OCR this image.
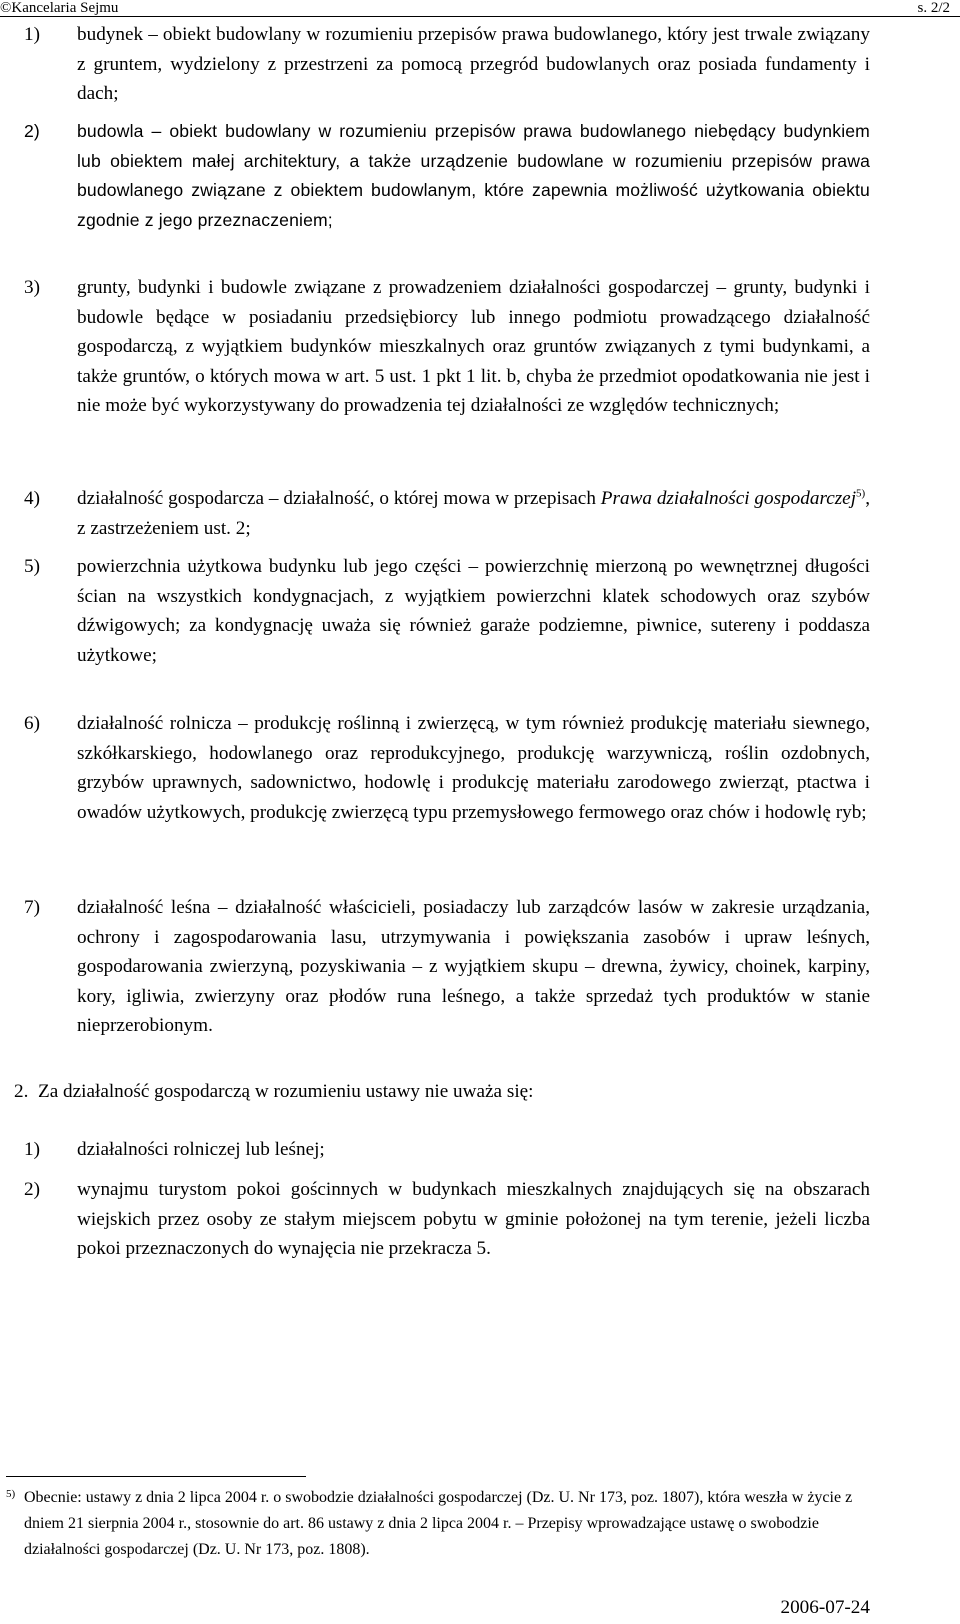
©Kancelaria Sejmu	s. 2/2
1) budynek – obiekt budowlany w rozumieniu przepisów prawa budowlanego, który jest trwale związany z gruntem, wydzielony z przestrzeni za pomocą przegród budowlanych oraz posiada fundamenty i dach;
2) budowla – obiekt budowlany w rozumieniu przepisów prawa budowlanego niebędący budynkiem lub obiektem małej architektury, a także urządzenie budowlane w rozumieniu przepisów prawa budowlanego związane z obiektem budowlanym, które zapewnia możliwość użytkowania obiektu zgodnie z jego przeznaczeniem;
3) grunty, budynki i budowle związane z prowadzeniem działalności gospodarczej – grunty, budynki i budowle będące w posiadaniu przedsiębiorcy lub innego podmiotu prowadzącego działalność gospodarczą, z wyjątkiem budynków mieszkalnych oraz gruntów związanych z tymi budynkami, a także gruntów, o których mowa w art. 5 ust. 1 pkt 1 lit. b, chyba że przedmiot opodatkowania nie jest i nie może być wykorzystywany do prowadzenia tej działalności ze względów technicznych;
4) działalność gospodarcza – działalność, o której mowa w przepisach Prawa działalności gospodarczej$^{5)}$, z zastrzeżeniem ust. 2;
5) powierzchnia użytkowa budynku lub jego części – powierzchnię mierzoną po wewnętrznej długości ścian na wszystkich kondygnacjach, z wyjątkiem powierzchni klatek schodowych oraz szybów dźwigowych; za kondygnację uważa się również garaże podziemne, piwnice, sutereny i poddasza użytkowe;
6) działalność rolnicza – produkcję roślinną i zwierzęcą, w tym również produkcję materiału siewnego, szkółkarskiego, hodowlanego oraz reprodukcyjnego, produkcję warzywniczą, roślin ozdobnych, grzybów uprawnych, sadownictwo, hodowlę i produkcję materiału zarodowego zwierząt, ptactwa i owadów użytkowych, produkcję zwierzęcą typu przemysłowego fermowego oraz chów i hodowlę ryb;
7) działalność leśna – działalność właścicieli, posiadaczy lub zarządców lasów w zakresie urządzania, ochrony i zagospodarowania lasu, utrzymywania i powiększania zasobów i upraw leśnych, gospodarowania zwierzyną, pozyskiwania – z wyjątkiem skupu – drewna, żywicy, choinek, karpiny, kory, igliwia, zwierzyny oraz płodów runa leśnego, a także sprzedaż tych produktów w stanie nieprzerobionym.
2. Za działalność gospodarczą w rozumieniu ustawy nie uważa się:
1) działalności rolniczej lub leśnej;
2) wynajmu turystom pokoi gościnnych w budynkach mieszkalnych znajdujących się na obszarach wiejskich przez osoby ze stałym miejscem pobytu w gminie położonej na tym terenie, jeżeli liczba pokoi przeznaczonych do wynajęcia nie przekracza 5.
5) Obecnie: ustawy z dnia 2 lipca 2004 r. o swobodzie działalności gospodarczej (Dz. U. Nr 173, poz. 1807), która weszła w życie z dniem 21 sierpnia 2004 r., stosownie do art. 86 ustawy z dnia 2 lipca 2004 r. – Przepisy wprowadzające ustawę o swobodzie działalności gospodarczej (Dz. U. Nr 173, poz. 1808).
2006-07-24
